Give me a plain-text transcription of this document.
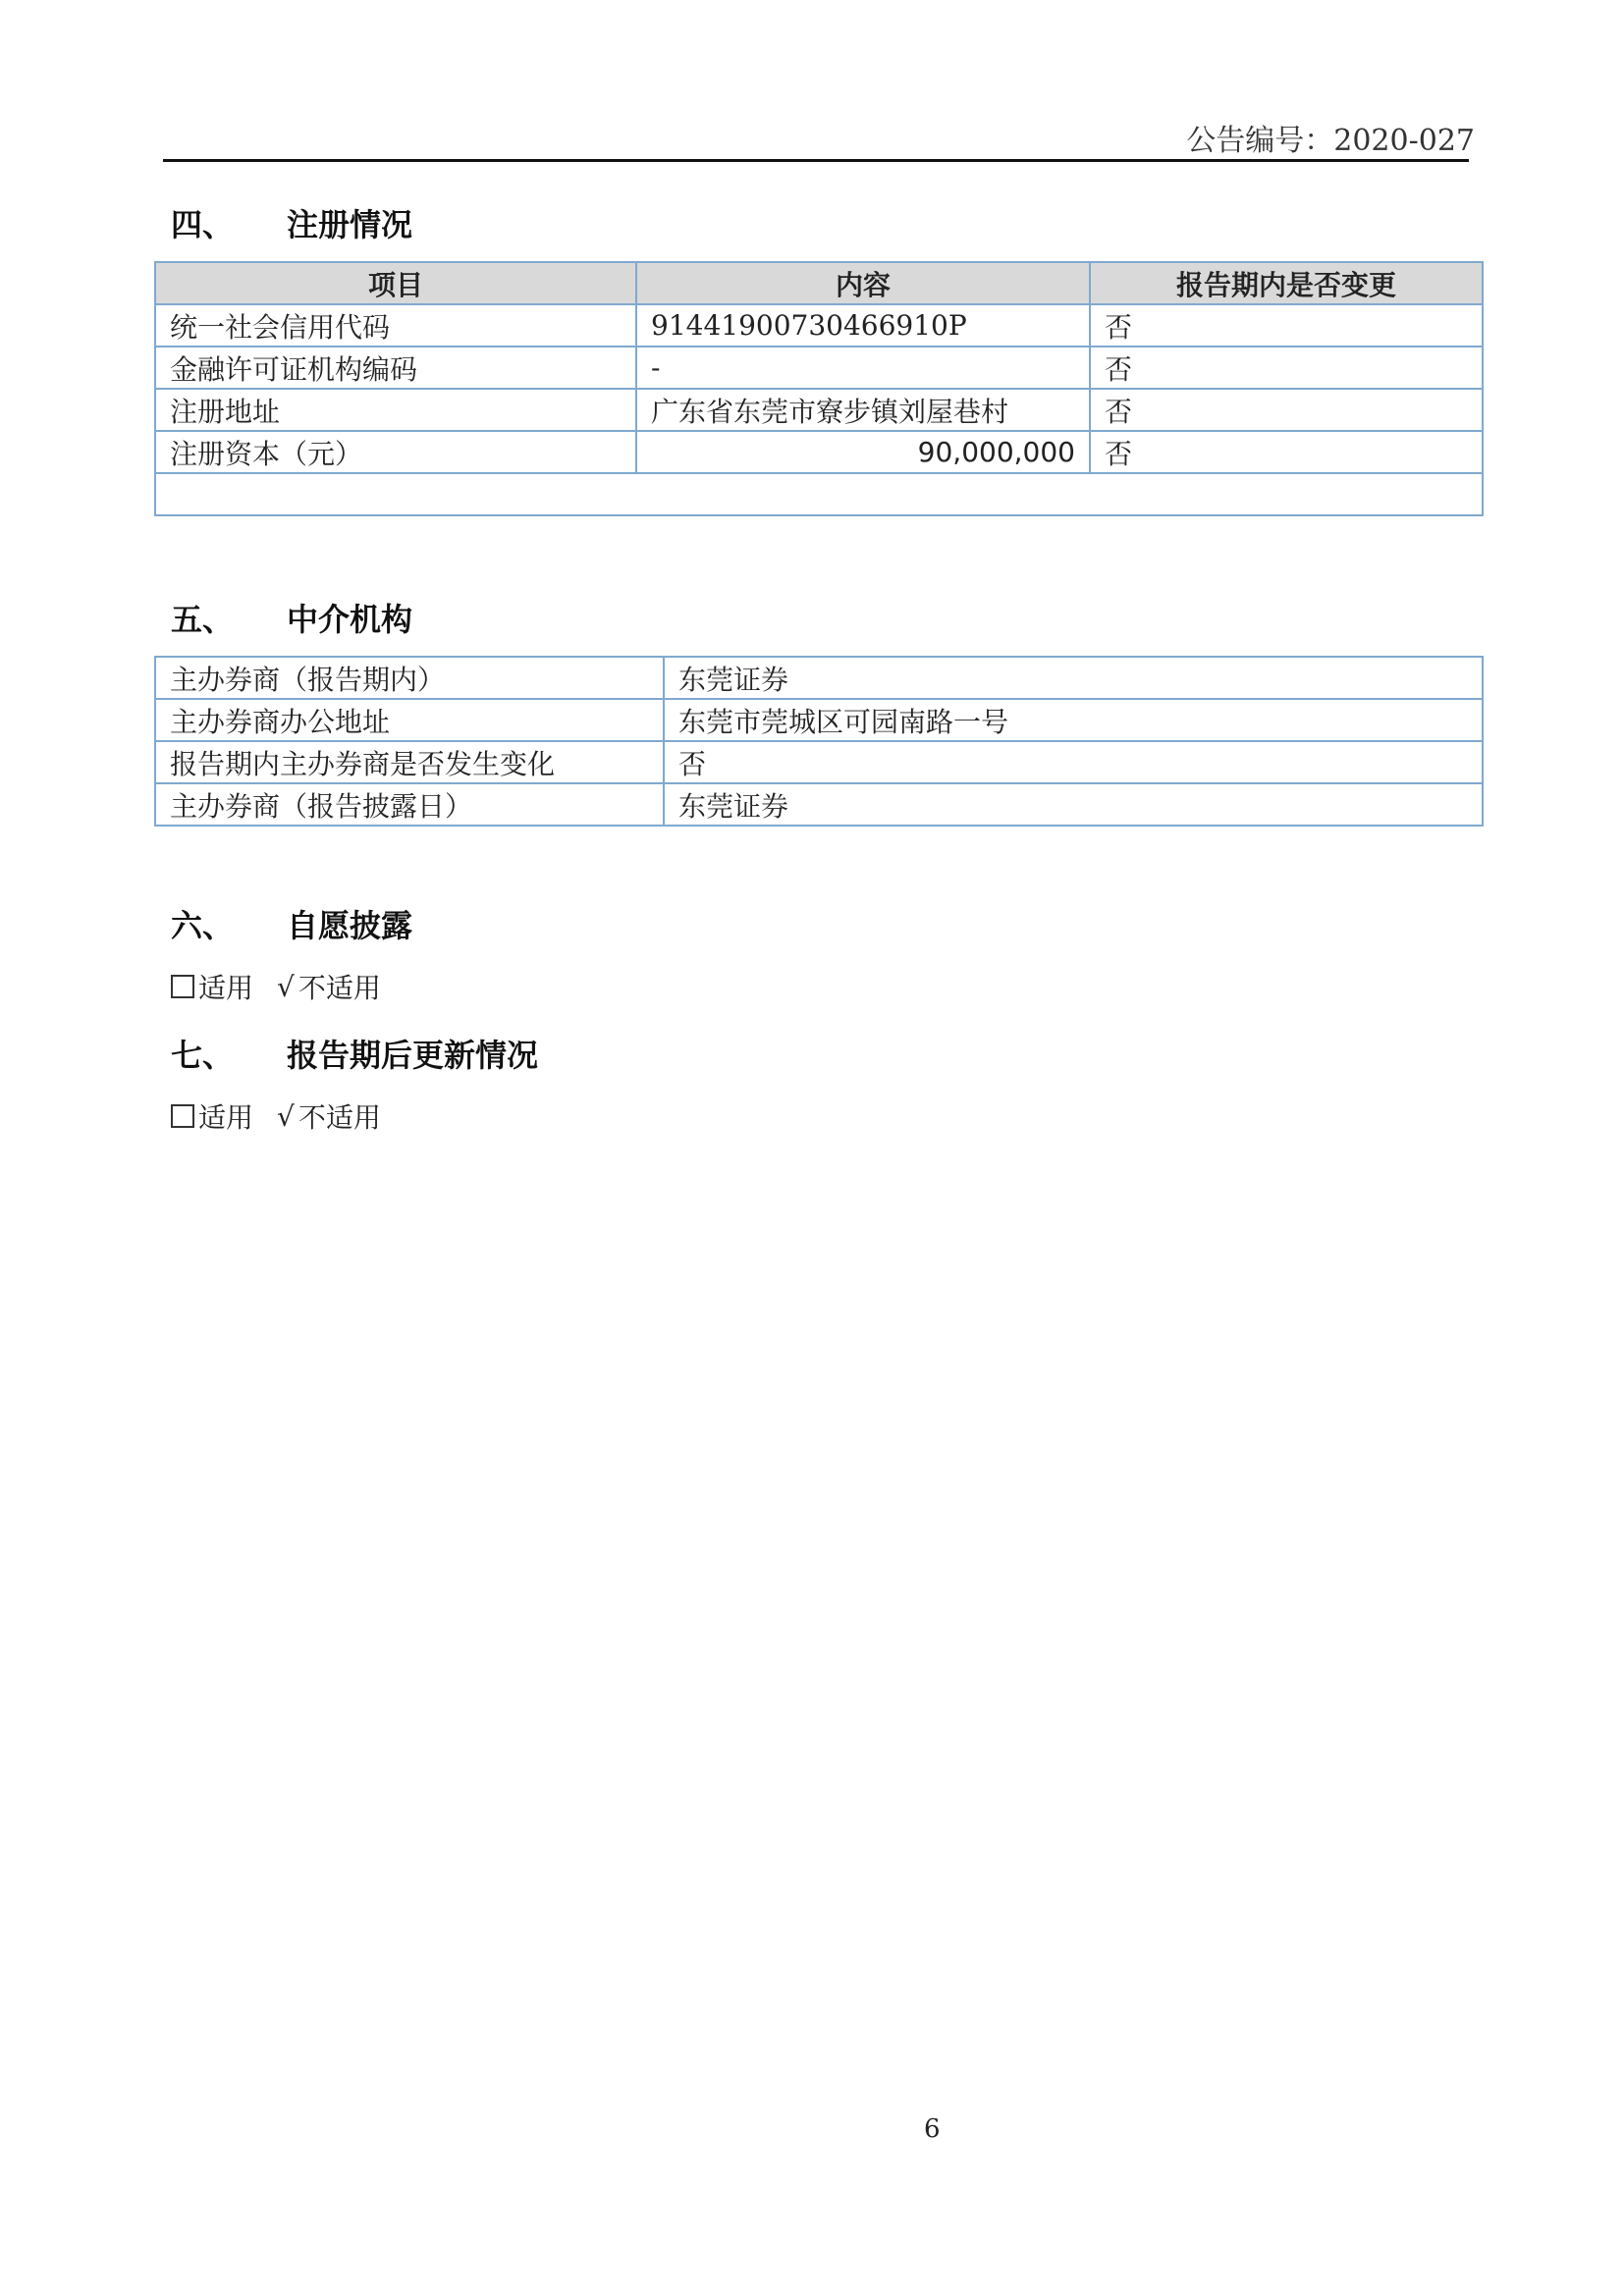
公告编号：2020-027
四、	注册情况
项目	内容	报告期内是否变更
统一社会信用代码	91441900730466910P	否
金融许可证机构编码	-	否
注册地址	广东省东莞市寮步镇刘屋巷村	否
注册资本（元）	90,000,000	否

五、	中介机构
主办券商（报告期内）	东莞证券
主办券商办公地址	东莞市莞城区可园南路一号
报告期内主办券商是否发生变化	否
主办券商（报告披露日）	东莞证券
六、	自愿披露
适用 √ 不适用
七、	报告期后更新情况
适用 √ 不适用
6
